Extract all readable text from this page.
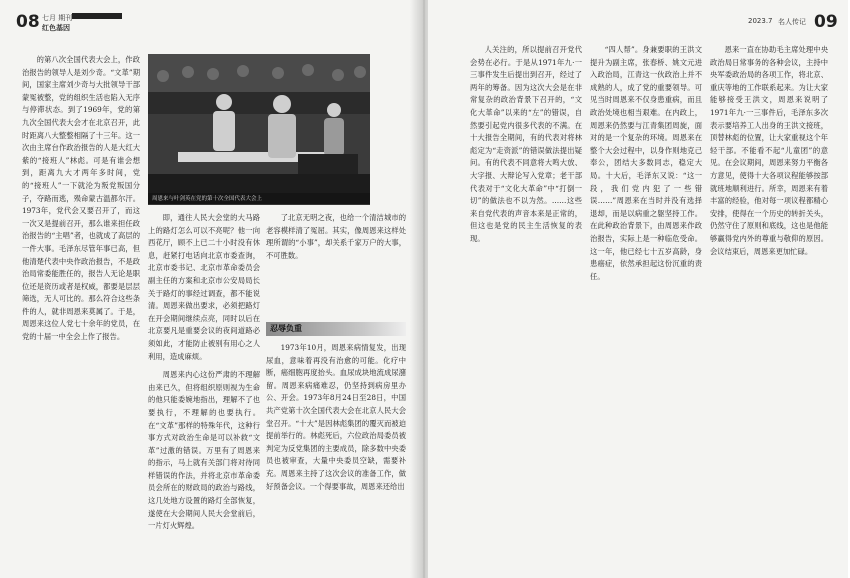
08 七月 期刊
红色基因

的第八次全国代表大会上，作政治报告的领导人是刘少奇。“文革”期间，国家主席刘少奇与大批领导干部蒙冤被整，党的组织生活也陷入无序与停滞状态。到了1969年，党的第九次全国代表大会才在北京召开，此时距离八大整整相隔了十三年。这一次由主席台作政治报告的人是大红大紫的“接班人”林彪。可是有谁会想到，距离九大才两年多时间，党的“接班人”一下就沦为叛党叛国分子，夺路而逃，殒命蒙古温都尔汗。1973年，党代会又要召开了，而这一次又是提前召开，那么谁来担任政治报告的“主唱”者，也就成了高层的一件大事。毛泽东尽管年事已高，但他清楚代表中央作政治报告，不是政治局常委能胜任的，报告人无论是职位还是资历或者是权威，都要是层层筛选，无人可比的。那么符合这些条件的人，就非周恩来莫属了。于是，周恩来这位人党七十余年的党员，在党的十届一中全会上作了报告。

周恩来与叶剑英在党的第十次全国代表大会上

即，通往人民大会堂的大马路上的路灯怎么可以不亮呢？他一向西花厅，顾不上已二十小时没有休息，赶紧打电话向北京市委查询，北京市委书记、北京市革命委员会副主任的方案和北京市公安局局长关于路灯的事经过调查，都不能说清。周恩来做出要求，必须把路灯在开会期间继续点亮，同时以后在北京要凡是重要会议的夜间道路必须如此，才能防止被别有用心之人利用，造成麻烦。

周恩来内心这份严肃的不理解由来已久，但将组织原则视为生命的他只能委婉地指出，理解不了也要执行，不理解的也要执行。在“文革”那样的特殊年代，这种行事方式对政治生命是可以补救“文革”过激的错误。万里有了周恩来的指示，马上就有关部门将对待同样错误的作法，并将北京市革命委员会所在的财政局的政治与路线，这几处地方设置的路灯全部恢复，遂使在大会期间人民大会堂前后，一片灯火辉煌。

了北京无明之夜，也给一个清洁城市的老容模样清了冤屈。其实，像周恩来这样处理所谓的“小事”，却关系千家万户的大事，不可胜数。

忍辱负重

1973年10月，周恩来病情复发，出现尿血，意味着再没有治愈的可能。化疗中断，癌细胞再度抬头。血尿成块地流成尿潴留。周恩来病痛难忍，仍坚持到病房里办公、开会。1973年8月24日至28日，中国共产党第十次全国代表大会在北京人民大会堂召开。“十大”是因林彪集团的覆灭而被迫提前举行的。林彪死后，六位政治局委员被判定为反党集团的主要成员，除多数中央委员也被审查，大量中央委员空缺，需要补充。周恩来主持了这次会议的准备工作，做好预备会议。一个得要事故，周恩来还给出

2023.7 名人传记 09

人关注的，所以提前召开党代会势在必行。于是从1971年九·一三事件发生后提出到召开，经过了两年的筹备。因为这次大会是在非常复杂的政治背景下召开的，“文化大革命”以来的“左”的错误，自然要引起党内很多代表的不满。在十大报告全期间，有的代表对将林彪定为“走资派”的错误做法提出疑问。有的代表不同意将大鸣大放、大字报、大辩论写入党章；老干部代表对于“文化大革命”中“打倒一切”的做法也不以为然。……这些来自党代表的声音本来是正常的，但这也是党的民主生活恢复的表现。

“四人帮”。身兼要职的王洪文提升为副主席，张春桥、姚文元进入政治局，江青这一伙政治上并不成熟的人，成了党的重要领导。可见当时周恩来不仅身患重病，而且政治处境也相当艰难。在内政上，周恩来仍然要与江青集团周旋，面对的是一个复杂的环境。周恩来在整个大会过程中，以身作则地克己奉公，团结大多数同志，稳定大局。十大后，毛泽东又说：“这一段，我们党内犯了一些错误……”周恩来在当时并没有选择退却，而是以病重之躯坚持工作。在此种政治背景下，由周恩来作政治报告，实际上是一种临危受命。这一年，他已经七十五岁高龄，身患癌症，依然承担起这份沉重的责任。

恩来一直在协助毛主席处理中央政治局日常事务的各种会议，主持中央军委政治局的各项工作，将北京、重庆等地的工作联系起来。为让大家能够接受王洪文，周恩来说明了1971年九·一三事件后，毛泽东多次表示要培养工人出身的王洪文接班，顶替林彪的位置，让大家重视这个年轻干部。不能看不起“儿童团”的意见。在会议期间，周恩来努力平衡各方意见，使得十大各项议程能够按部就班地顺利进行。所幸，周恩来有着丰富的经验，他对每一项议程都精心安排，使得在一个历史的转折关头，仍然守住了原则和底线，这也是他能够赢得党内外的尊重与敬仰的原因。会议结束后，周恩来更加忙碌。
